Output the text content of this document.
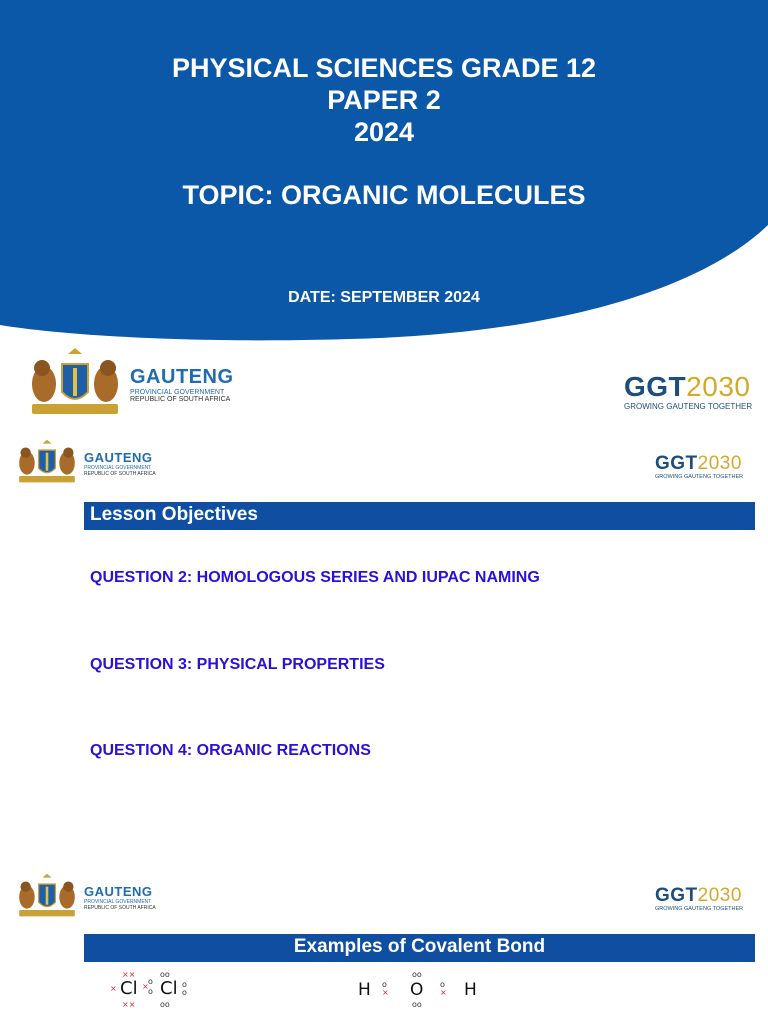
PHYSICAL SCIENCES GRADE 12
PAPER 2
2024
TOPIC: ORGANIC MOLECULES
DATE: SEPTEMBER 2024
GAUTENG
PROVINCIAL GOVERNMENT
REPUBLIC OF SOUTH AFRICA	GGT2030
GROWING GAUTENG TOGETHER
GAUTENG
PROVINCIAL GOVERNMENT
REPUBLIC OF SOUTH AFRICA	GGT2030
GROWING GAUTENG TOGETHER
Lesson Objectives
QUESTION 2: HOMOLOGOUS SERIES AND IUPAC NAMING
QUESTION 3: PHYSICAL PROPERTIES
QUESTION 4: ORGANIC REACTIONS
GAUTENG
PROVINCIAL GOVERNMENT
REPUBLIC OF SOUTH AFRICA
GGT2030
GROWING GAUTENG TOGETHER
Examples of Covalent Bond
××
×
××
Cl ×
o
o Cl
oo
oo
o
o	H o
× O
oo
oo
o
× H
